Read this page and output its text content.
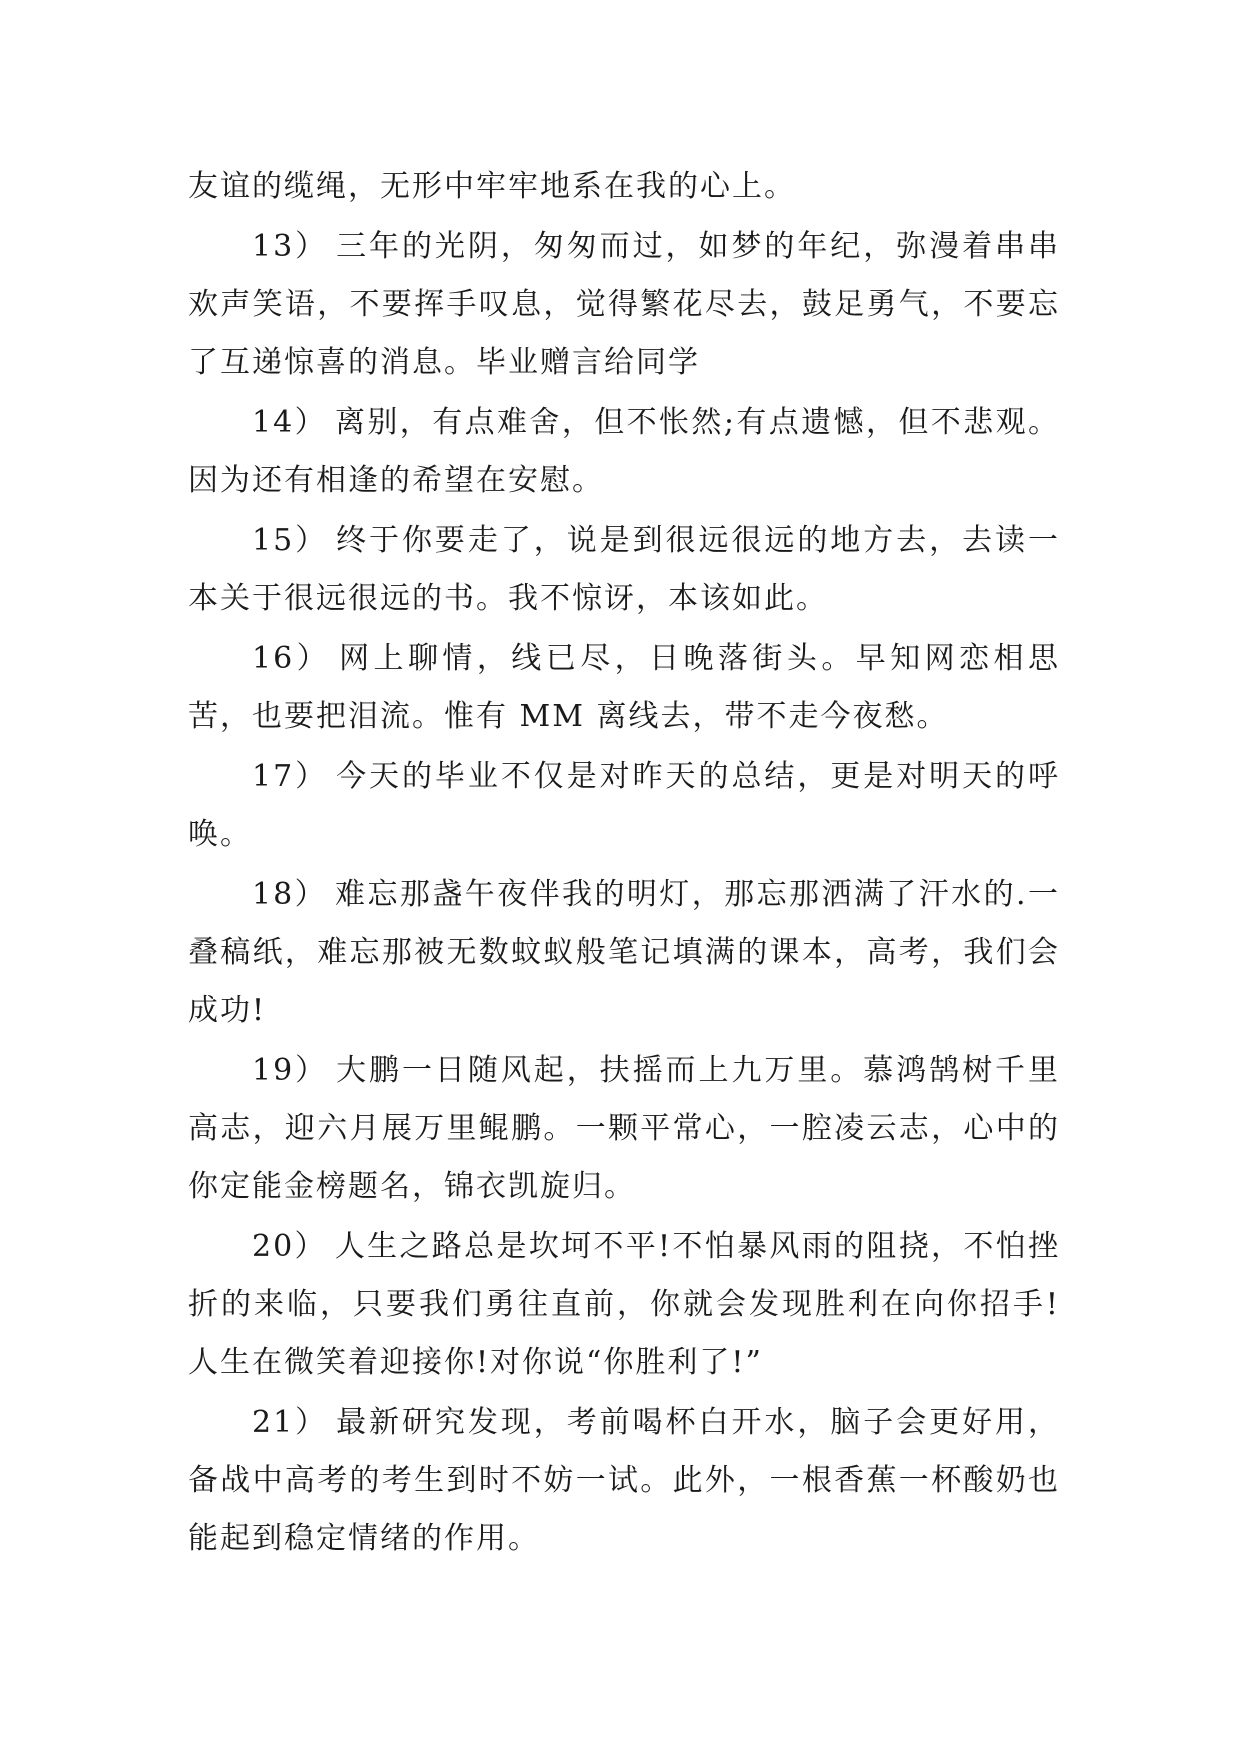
友谊的缆绳，无形中牢牢地系在我的心上。

13） 三年的光阴，匆匆而过，如梦的年纪，弥漫着串串欢声笑语，不要挥手叹息，觉得繁花尽去，鼓足勇气，不要忘了互递惊喜的消息。毕业赠言给同学

14） 离别，有点难舍，但不怅然;有点遗憾，但不悲观。因为还有相逢的希望在安慰。

15） 终于你要走了，说是到很远很远的地方去，去读一本关于很远很远的书。我不惊讶，本该如此。

16） 网上聊情，线已尽，日晚落街头。早知网恋相思苦，也要把泪流。惟有 MM 离线去，带不走今夜愁。

17） 今天的毕业不仅是对昨天的总结，更是对明天的呼唤。

18） 难忘那盏午夜伴我的明灯，那忘那洒满了汗水的.一叠稿纸，难忘那被无数蚊蚁般笔记填满的课本，高考，我们会成功!

19） 大鹏一日随风起，扶摇而上九万里。慕鸿鹄树千里高志，迎六月展万里鲲鹏。一颗平常心，一腔凌云志，心中的你定能金榜题名，锦衣凯旋归。

20） 人生之路总是坎坷不平!不怕暴风雨的阻挠，不怕挫折的来临，只要我们勇往直前，你就会发现胜利在向你招手!人生在微笑着迎接你!对你说“你胜利了!”

21） 最新研究发现，考前喝杯白开水，脑子会更好用，备战中高考的考生到时不妨一试。此外，一根香蕉一杯酸奶也能起到稳定情绪的作用。
